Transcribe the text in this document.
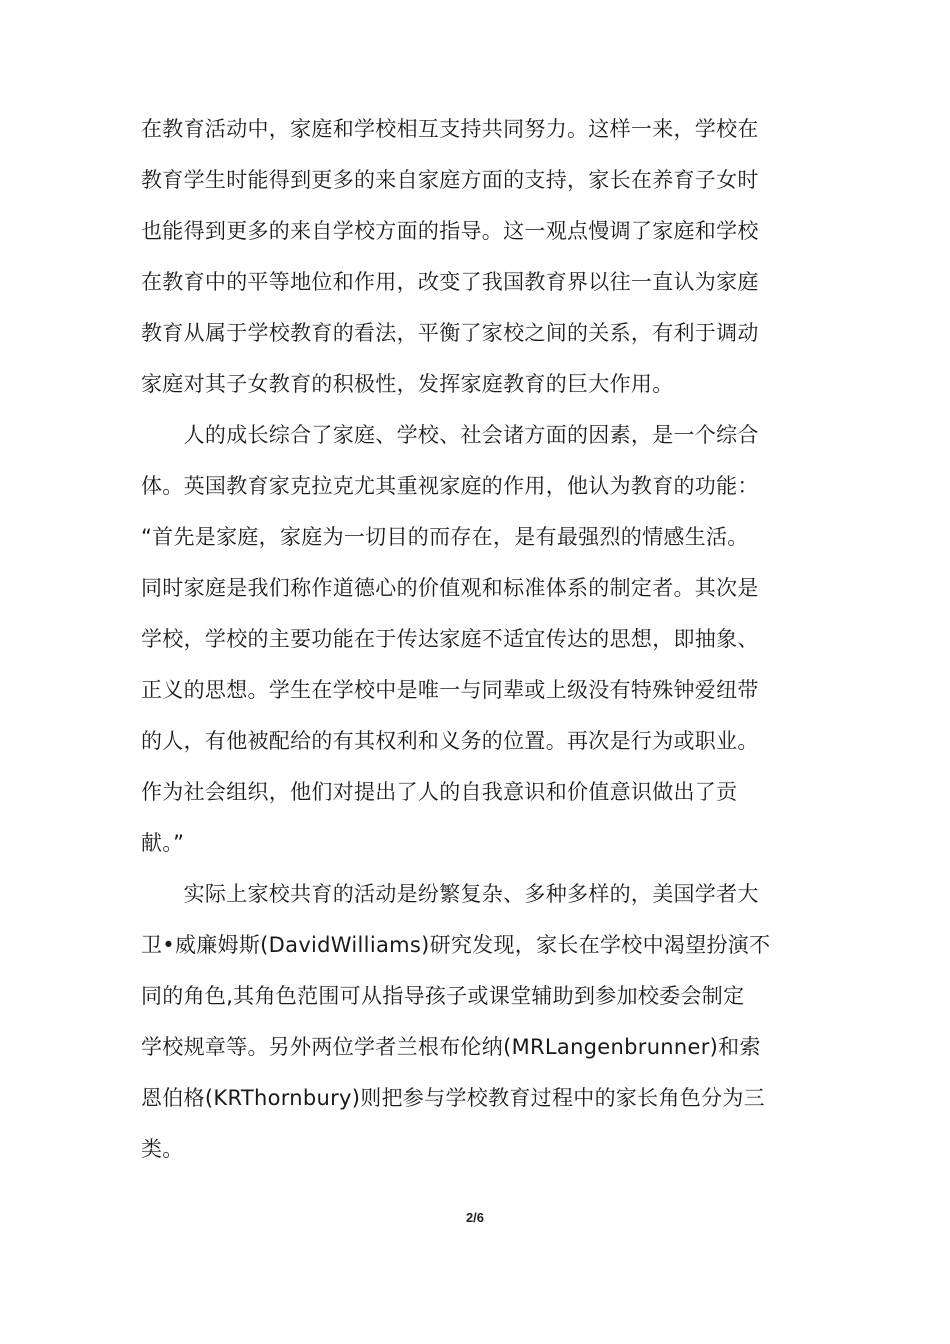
在教育活动中，家庭和学校相互支持共同努力。这样一来，学校在
教育学生时能得到更多的来自家庭方面的支持，家长在养育子女时
也能得到更多的来自学校方面的指导。这一观点慢调了家庭和学校
在教育中的平等地位和作用，改变了我国教育界以往一直认为家庭
教育从属于学校教育的看法，平衡了家校之间的关系，有利于调动
家庭对其子女教育的积极性，发挥家庭教育的巨大作用。
　　人的成长综合了家庭、学校、社会诸方面的因素，是一个综合
体。英国教育家克拉克尤其重视家庭的作用，他认为教育的功能：
“首先是家庭，家庭为一切目的而存在，是有最强烈的情感生活。
同时家庭是我们称作道德心的价值观和标准体系的制定者。其次是
学校，学校的主要功能在于传达家庭不适宜传达的思想，即抽象、
正义的思想。学生在学校中是唯一与同辈或上级没有特殊钟爱纽带
的人，有他被配给的有其权利和义务的位置。再次是行为或职业。
作为社会组织，他们对提出了人的自我意识和价值意识做出了贡
献。”
　　实际上家校共育的活动是纷繁复杂、多种多样的，美国学者大
卫•威廉姆斯(DavidWilliams)研究发现，家长在学校中渴望扮演不
同的角色,其角色范围可从指导孩子或课堂辅助到参加校委会制定
学校规章等。另外两位学者兰根布伦纳(MRLangenbrunner)和索
恩伯格(KRThornbury)则把参与学校教育过程中的家长角色分为三
类。
2/6
